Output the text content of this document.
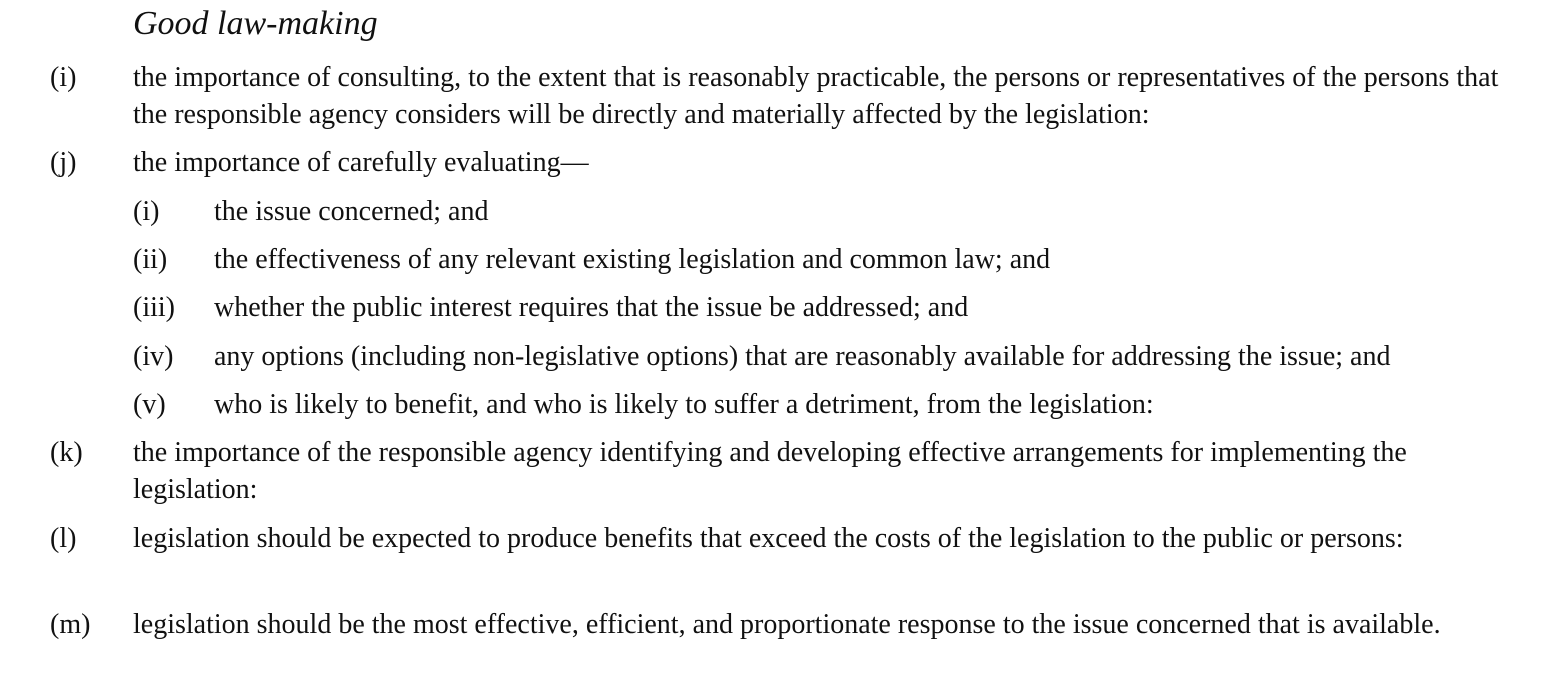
Good law-making
(i) the importance of consulting, to the extent that is reasonably practicable, the persons or representatives of the persons that the responsible agency considers will be directly and materially affected by the legislation:
(j) the importance of carefully evaluating—
(i) the issue concerned; and
(ii) the effectiveness of any relevant existing legislation and common law; and
(iii) whether the public interest requires that the issue be addressed; and
(iv) any options (including non-legislative options) that are reasonably available for addressing the issue; and
(v) who is likely to benefit, and who is likely to suffer a detriment, from the legislation:
(k) the importance of the responsible agency identifying and developing effective arrangements for implementing the legislation:
(l) legislation should be expected to produce benefits that exceed the costs of the legislation to the public or persons:
(m) legislation should be the most effective, efficient, and proportionate response to the issue concerned that is available.
